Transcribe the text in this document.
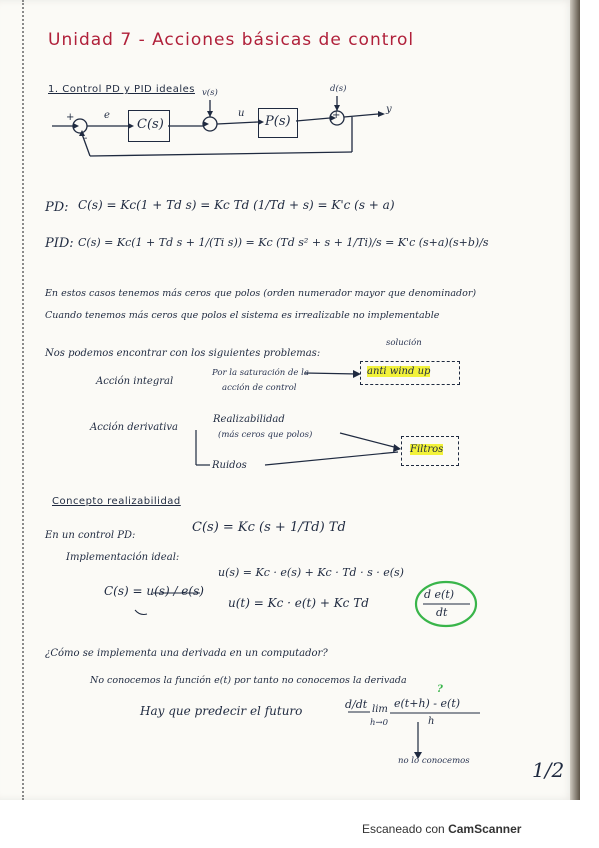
Unidad 7 - Acciones básicas de control
1. Control PD y PID ideales
+
-
e
C(s)
v(s)
u
P(s)
d(s)
+
y
PD: C(s) = Kc(1 + Td s) = Kc Td (1/Td + s) = K'c (s + a)
PID: C(s) = Kc(1 + Td s + 1/(Ti s)) = Kc (Td s² + s + 1/Ti)/s = K'c (s+a)(s+b)/s
En estos casos tenemos más ceros que polos (orden numerador mayor que denominador)
Cuando tenemos más ceros que polos el sistema es irrealizable no implementable
Nos podemos encontrar con los siguientes problemas:
solución
Acción integral
Por la saturación de la
acción de control
anti wind up
Acción derivativa
Realizabilidad
(más ceros que polos)
Ruidos
Filtros
Concepto realizabilidad
En un control PD:
C(s) = Kc (s + 1/Td) Td
Implementación ideal:
C(s) = u(s) / e(s)
u(s) = Kc · e(s) + Kc · Td · s · e(s)
u(t) = Kc · e(t) + Kc Td
d e(t)
dt
¿Cómo se implementa una derivada en un computador?
No conocemos la función e(t) por tanto no conocemos la derivada
Hay que predecir el futuro	d/dt lim
h→0
e(t+h) - e(t)
h
?
no lo conocemos	1/2
Escaneado con CamScanner
